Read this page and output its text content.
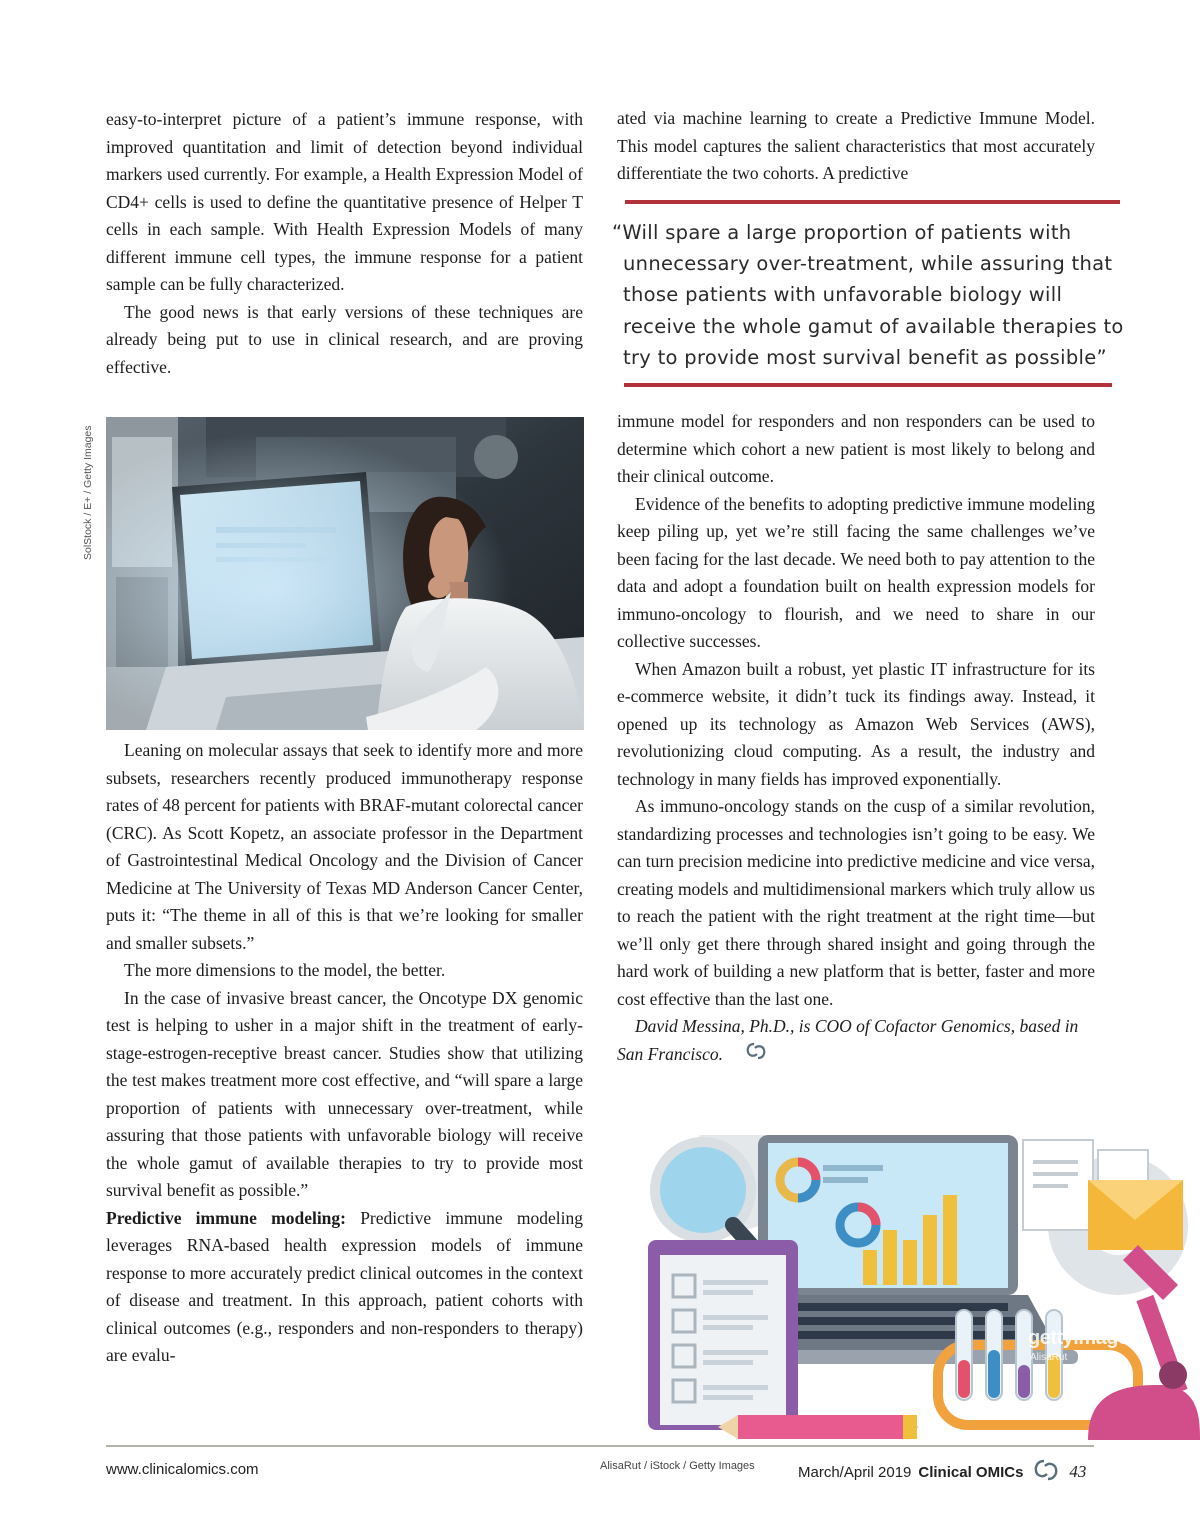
easy-to-interpret picture of a patient’s immune response, with improved quantitation and limit of detection beyond individual markers used currently. For example, a Health Expression Model of CD4+ cells is used to define the quantitative presence of Helper T cells in each sample. With Health Expression Models of many different immune cell types, the immune response for a patient sample can be fully characterized.

The good news is that early versions of these techniques are already being put to use in clinical research, and are proving effective.

SolStock / E+ / Getty Images

Leaning on molecular assays that seek to identify more and more subsets, researchers recently produced immunotherapy response rates of 48 percent for patients with BRAF-mutant colorectal cancer (CRC). As Scott Kopetz, an associate professor in the Department of Gastrointestinal Medical Oncology and the Division of Cancer Medicine at The University of Texas MD Anderson Cancer Center, puts it: “The theme in all of this is that we’re looking for smaller and smaller subsets.”

The more dimensions to the model, the better.

In the case of invasive breast cancer, the Oncotype DX genomic test is helping to usher in a major shift in the treatment of early-stage-estrogen-receptive breast cancer. Studies show that utilizing the test makes treatment more cost effective, and “will spare a large proportion of patients with unnecessary over-treatment, while assuring that those patients with unfavorable biology will receive the whole gamut of available therapies to try to provide most survival benefit as possible.”

Predictive immune modeling: Predictive immune modeling leverages RNA-based health expression models of immune response to more accurately predict clinical outcomes in the context of disease and treatment. In this approach, patient cohorts with clinical outcomes (e.g., responders and non-responders to therapy) are evalu-

ated via machine learning to create a Predictive Immune Model. This model captures the salient characteristics that most accurately differentiate the two cohorts. A predictive

“Will spare a large proportion of patients with
unnecessary over-treatment, while assuring that
those patients with unfavorable biology will
receive the whole gamut of available therapies to
try to provide most survival benefit as possible”

immune model for responders and non responders can be used to determine which cohort a new patient is most likely to belong and their clinical outcome.

Evidence of the benefits to adopting predictive immune modeling keep piling up, yet we’re still facing the same challenges we’ve been facing for the last decade. We need both to pay attention to the data and adopt a foundation built on health expression models for immuno-oncology to flourish, and we need to share in our collective successes.

When Amazon built a robust, yet plastic IT infrastructure for its e-commerce website, it didn’t tuck its findings away. Instead, it opened up its technology as Amazon Web Services (AWS), revolutionizing cloud computing. As a result, the industry and technology in many fields has improved exponentially.

As immuno-oncology stands on the cusp of a similar revolution, standardizing processes and technologies isn’t going to be easy. We can turn precision medicine into predictive medicine and vice versa, creating models and multidimensional markers which truly allow us to reach the patient with the right treatment at the right time—but we’ll only get there through shared insight and going through the hard work of building a new platform that is better, faster and more cost effective than the last one.

David Messina, Ph.D., is COO of Cofactor Genomics, based in San Francisco.

gettyimages
AlisaRut
www.clinicalomics.com	AlisaRut / iStock / Getty Images	March/April 2019 Clinical OMICs	43
